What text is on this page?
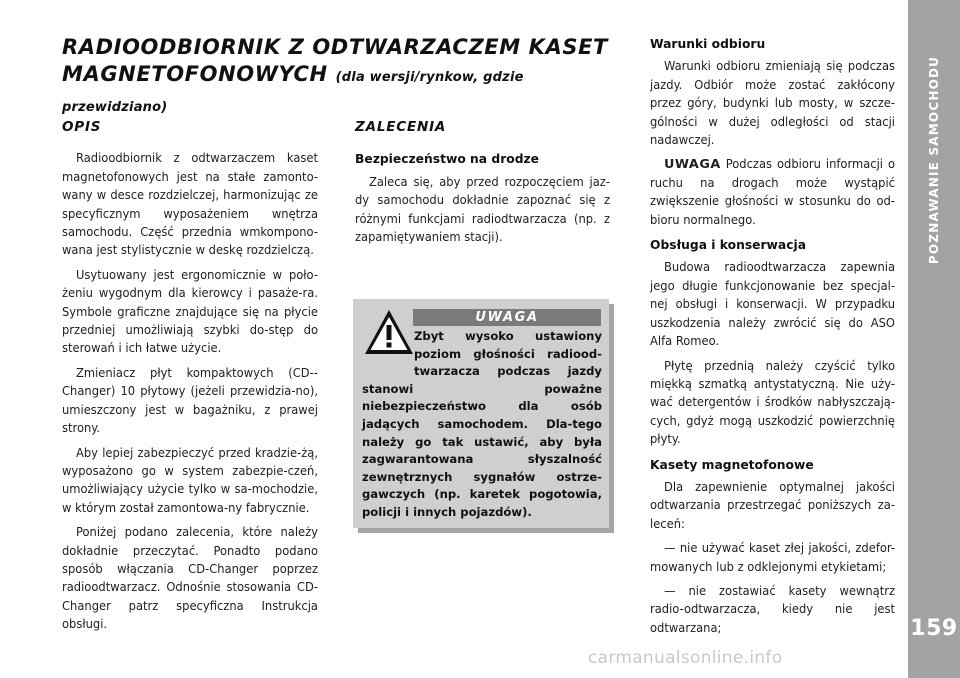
RADIOODBIORNIK Z ODTWARZACZEM KASET
MAGNETOFONOWYCH (dla wersji/rynkow, gdzie przewidziano)
OPIS

Radioodbiornik z odtwarzaczem kaset magnetofonowych jest na stałe zamonto-wany w desce rozdzielczej, harmonizując ze specyficznym wyposażeniem wnętrza samochodu. Część przednia wmkompono-wana jest stylistycznie w deskę rozdzielczą.

Usytuowany jest ergonomicznie w poło-żeniu wygodnym dla kierowcy i pasaże-ra. Symbole graficzne znajdujące się na płycie przedniej umożliwiają szybki do-stęp do sterowań i ich łatwe użycie.

Zmieniacz płyt kompaktowych (CD--Changer) 10 płytowy (jeżeli przewidzia-no), umieszczony jest w bagażniku, z prawej strony.

Aby lepiej zabezpieczyć przed kradzie-żą, wyposażono go w system zabezpie-czeń, umożliwiający użycie tylko w sa-mochodzie, w którym został zamontowa-ny fabrycznie.

Poniżej podano zalecenia, które należy dokładnie przeczytać. Ponadto podano sposób włączania CD-Changer poprzez radioodtwarzacz. Odnośnie stosowania CD-Changer patrz specyficzna Instrukcja obsługi.

ZALECENIA
Bezpieczeństwo na drodze

Zaleca się, aby przed rozpoczęciem jaz-dy samochodu dokładnie zapoznać się z różnymi funkcjami radiodtwarzacza (np. z zapamiętywaniem stacji).

UWAGA
Zbyt wysoko ustawiony poziom głośności radiood-twarzacza podczas jazdy stanowi poważne niebezpieczeństwo dla osób jadących samochodem. Dla-tego należy go tak ustawić, aby była zagwarantowana słyszalność zewnętrznych sygnałów ostrze-gawczych (np. karetek pogotowia, policji i innych pojazdów).
Warunki odbioru

Warunki odbioru zmieniają się podczas jazdy. Odbiór może zostać zakłócony przez góry, budynki lub mosty, w szcze-gólności w dużej odległości od stacji nadawczej.

UWAGA Podczas odbioru informacji o ruchu na drogach może wystąpić zwiększenie głośności w stosunku do od-bioru normalnego.

Obsługa i konserwacja

Budowa radioodtwarzacza zapewnia jego długie funkcjonowanie bez specjal-nej obsługi i konserwacji. W przypadku uszkodzenia należy zwrócić się do ASO Alfa Romeo.

Płytę przednią należy czyścić tylko miękką szmatką antystatyczną. Nie uży-wać detergentów i środków nabłyszczają-cych, gdyż mogą uszkodzić powierzchnię płyty.

Kasety magnetofonowe

Dla zapewnienie optymalnej jakości odtwarzania przestrzegać poniższych za-leceń:

— nie używać kaset złej jakości, zdefor-mowanych lub z odklejonymi etykietami;

— nie zostawiać kasety wewnątrz radio-odtwarzacza, kiedy nie jest odtwarzana;

POZNAWANIE SAMOCHODU
159
carmanualsonline.info
